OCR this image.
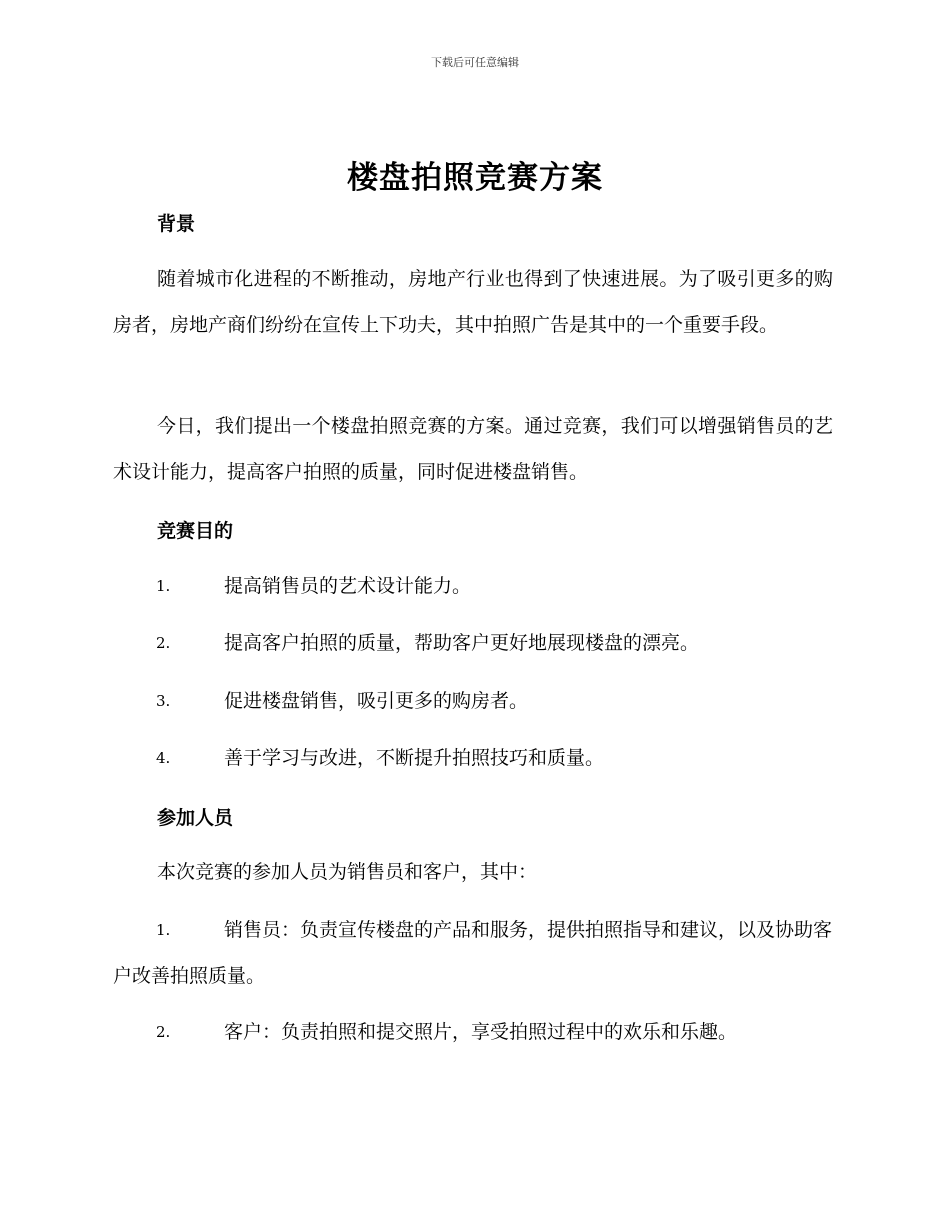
下载后可任意编辑
楼盘拍照竞赛方案
背景

随着城市化进程的不断推动，房地产行业也得到了快速进展。为了吸引更多的购房者，房地产商们纷纷在宣传上下功夫，其中拍照广告是其中的一个重要手段。

今日，我们提出一个楼盘拍照竞赛的方案。通过竞赛，我们可以增强销售员的艺术设计能力，提高客户拍照的质量，同时促进楼盘销售。

竞赛目的
1.	提高销售员的艺术设计能力。
2.	提高客户拍照的质量，帮助客户更好地展现楼盘的漂亮。
3.	促进楼盘销售，吸引更多的购房者。
4.	善于学习与改进，不断提升拍照技巧和质量。
参加人员

本次竞赛的参加人员为销售员和客户，其中：

1.	销售员：负责宣传楼盘的产品和服务，提供拍照指导和建议，以及协助客户改善拍照质量。
2.	客户：负责拍照和提交照片，享受拍照过程中的欢乐和乐趣。
